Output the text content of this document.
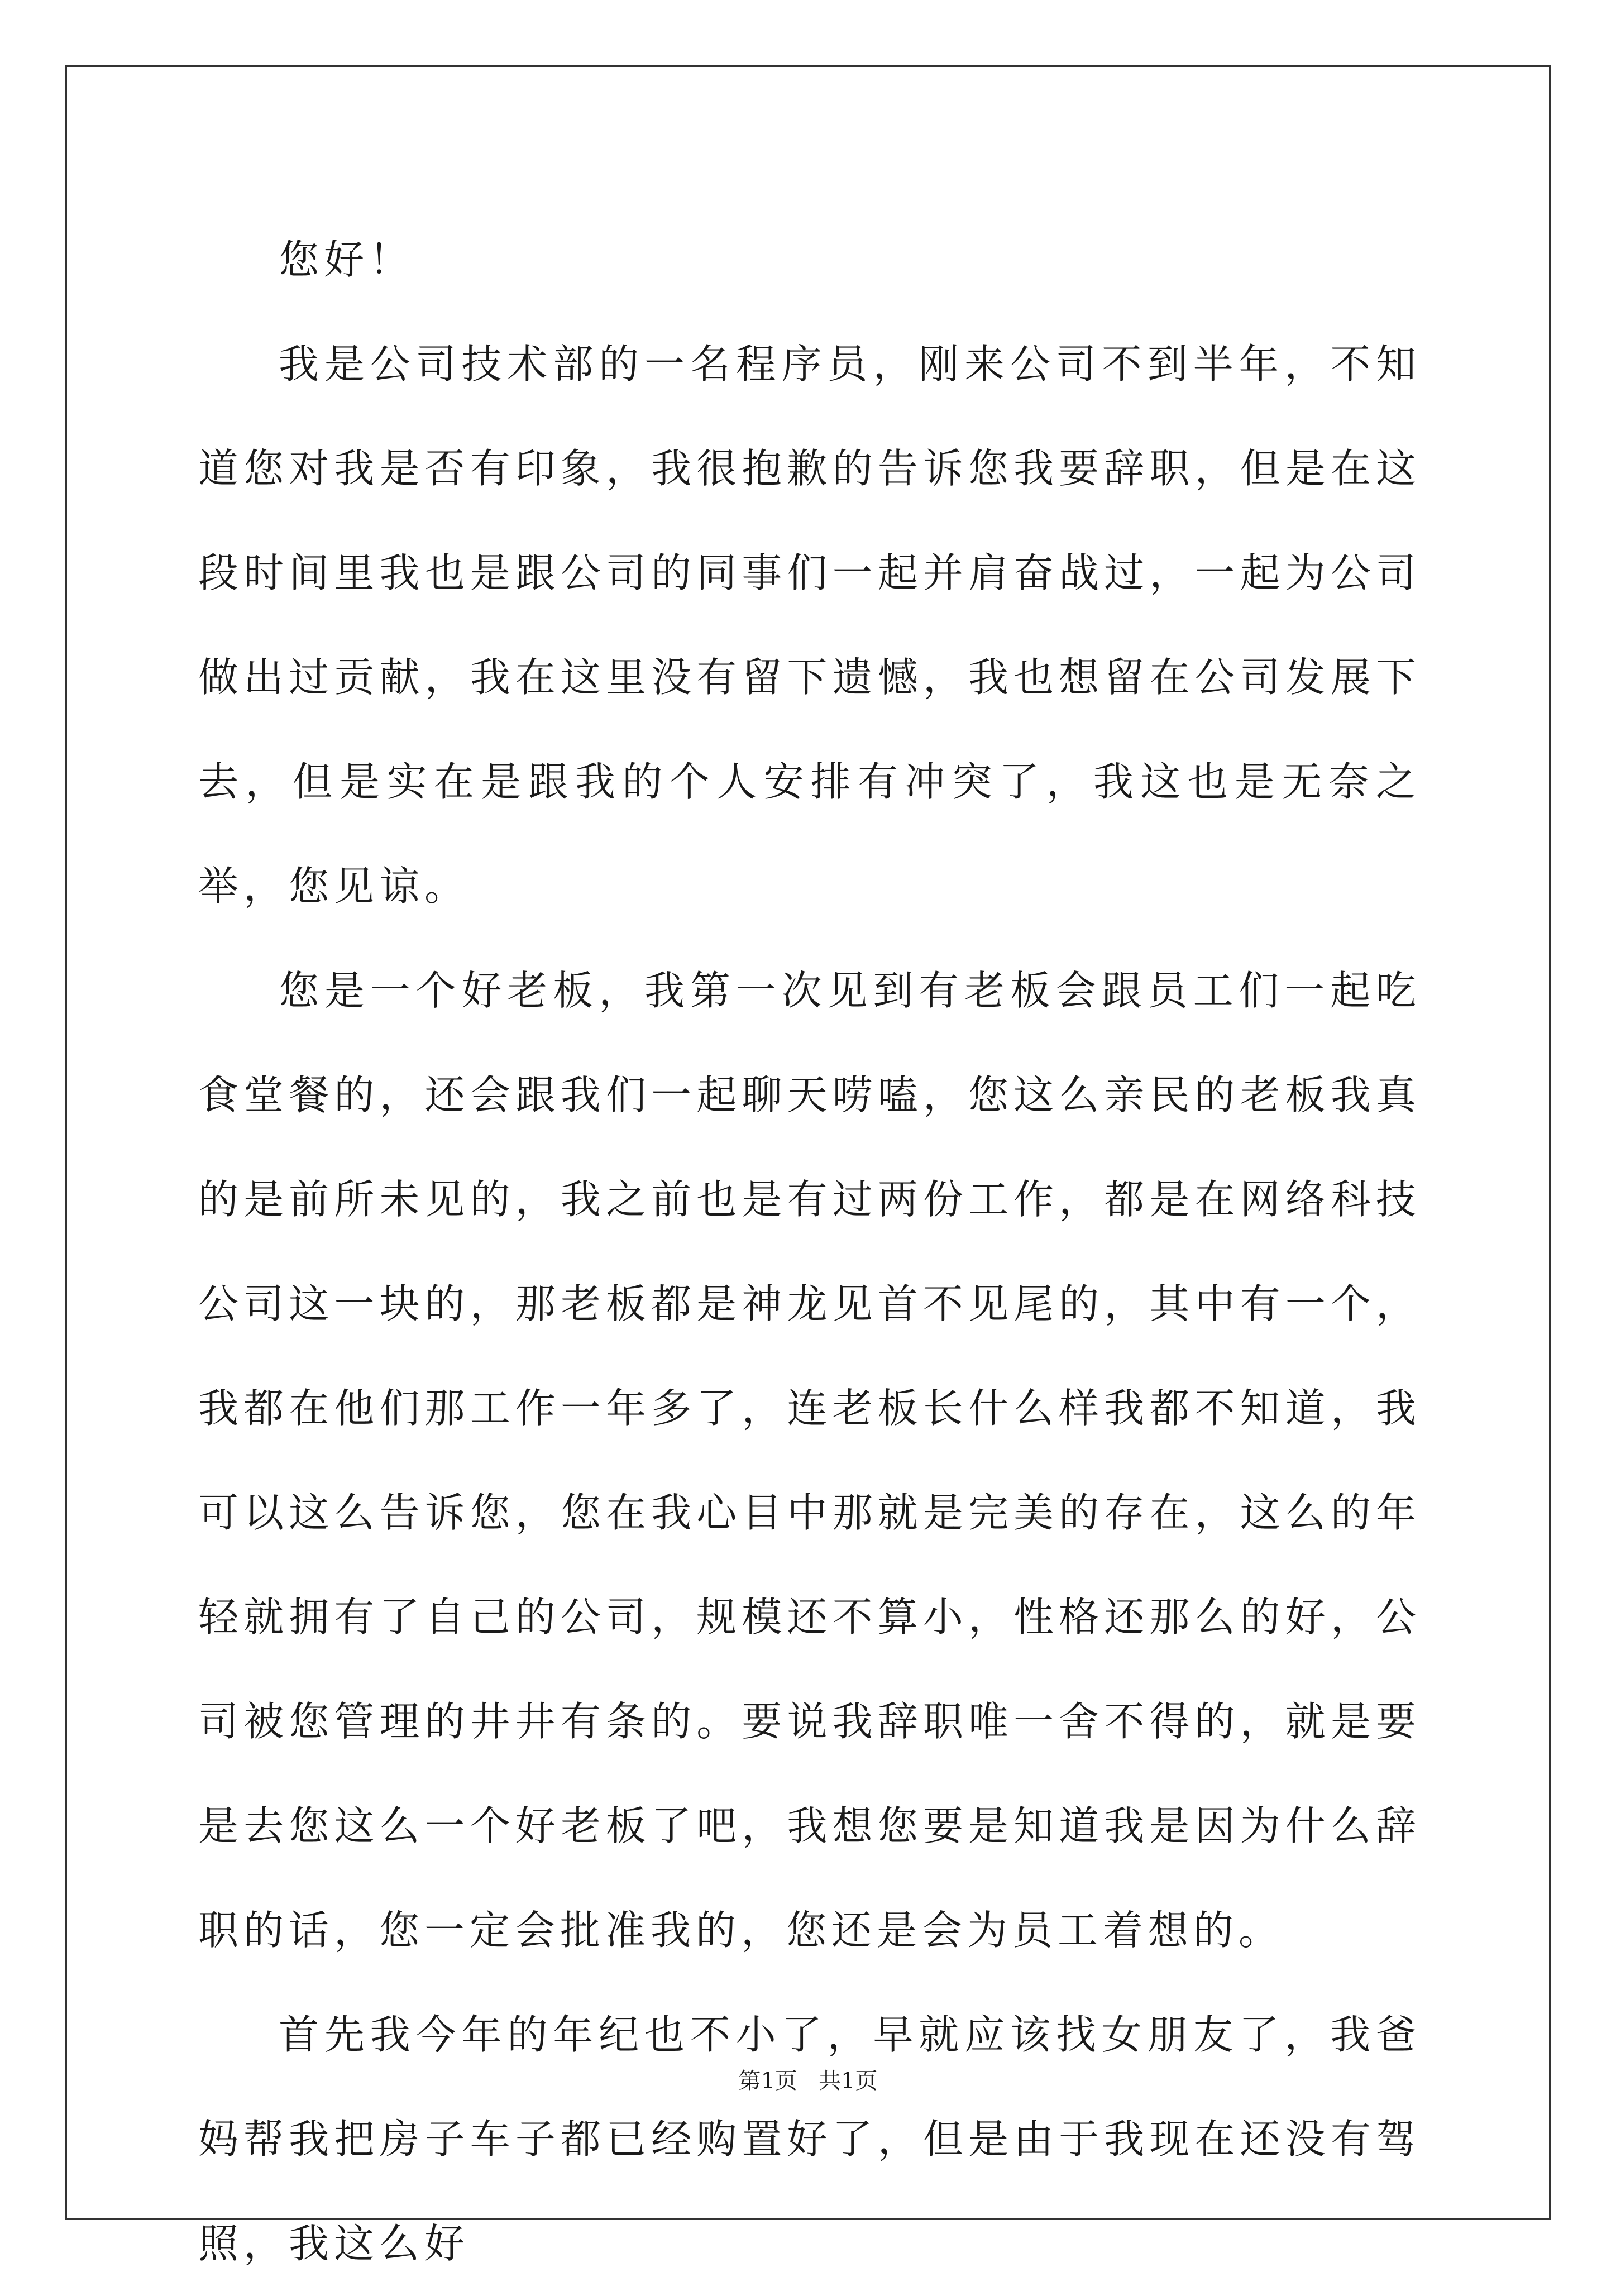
您好！

我是公司技术部的一名程序员，刚来公司不到半年，不知道您对我是否有印象，我很抱歉的告诉您我要辞职，但是在这段时间里我也是跟公司的同事们一起并肩奋战过，一起为公司做出过贡献，我在这里没有留下遗憾，我也想留在公司发展下去，但是实在是跟我的个人安排有冲突了，我这也是无奈之举，您见谅。

您是一个好老板，我第一次见到有老板会跟员工们一起吃食堂餐的，还会跟我们一起聊天唠嗑，您这么亲民的老板我真的是前所未见的，我之前也是有过两份工作，都是在网络科技公司这一块的，那老板都是神龙见首不见尾的，其中有一个，我都在他们那工作一年多了，连老板长什么样我都不知道，我可以这么告诉您，您在我心目中那就是完美的存在，这么的年轻就拥有了自己的公司，规模还不算小，性格还那么的好，公司被您管理的井井有条的。要说我辞职唯一舍不得的，就是要是去您这么一个好老板了吧，我想您要是知道我是因为什么辞职的话，您一定会批准我的，您还是会为员工着想的。

首先我今年的年纪也不小了，早就应该找女朋友了，我爸妈帮我把房子车子都已经购置好了，但是由于我现在还没有驾照，我这么好

第1页   共1页
